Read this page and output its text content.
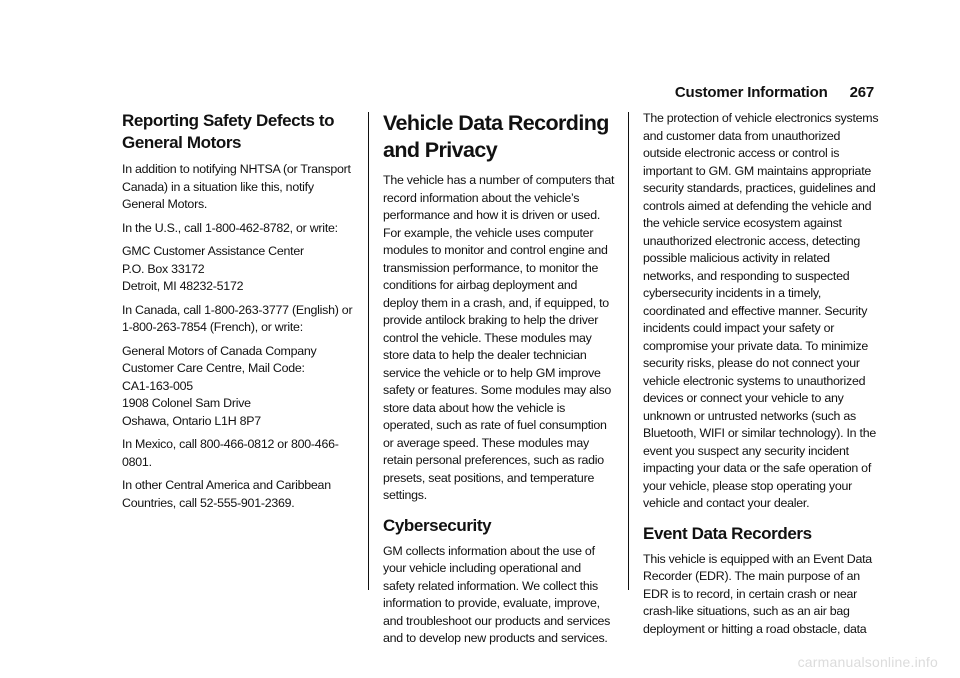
Customer Information 267
Reporting Safety Defects to General Motors

In addition to notifying NHTSA (or Transport Canada) in a situation like this, notify General Motors.

In the U.S., call 1-800-462-8782, or write:

GMC Customer Assistance Center
P.O. Box 33172
Detroit, MI 48232-5172

In Canada, call 1-800-263-3777 (English) or 1-800-263-7854 (French), or write:

General Motors of Canada Company
Customer Care Centre, Mail Code:
CA1-163-005
1908 Colonel Sam Drive
Oshawa, Ontario L1H 8P7

In Mexico, call 800-466-0812 or 800-466-0801.

In other Central America and Caribbean Countries, call 52-555-901-2369.

Vehicle Data Recording and Privacy

The vehicle has a number of computers that record information about the vehicle’s performance and how it is driven or used. For example, the vehicle uses computer modules to monitor and control engine and transmission performance, to monitor the conditions for airbag deployment and deploy them in a crash, and, if equipped, to provide antilock braking to help the driver control the vehicle. These modules may store data to help the dealer technician service the vehicle or to help GM improve safety or features. Some modules may also store data about how the vehicle is operated, such as rate of fuel consumption or average speed. These modules may retain personal preferences, such as radio presets, seat positions, and temperature settings.

Cybersecurity

GM collects information about the use of your vehicle including operational and safety related information. We collect this information to provide, evaluate, improve, and troubleshoot our products and services and to develop new products and services.

The protection of vehicle electronics systems and customer data from unauthorized outside electronic access or control is important to GM. GM maintains appropriate security standards, practices, guidelines and controls aimed at defending the vehicle and the vehicle service ecosystem against unauthorized electronic access, detecting possible malicious activity in related networks, and responding to suspected cybersecurity incidents in a timely, coordinated and effective manner. Security incidents could impact your safety or compromise your private data. To minimize security risks, please do not connect your vehicle electronic systems to unauthorized devices or connect your vehicle to any unknown or untrusted networks (such as Bluetooth, WIFI or similar technology). In the event you suspect any security incident impacting your data or the safe operation of your vehicle, please stop operating your vehicle and contact your dealer.

Event Data Recorders

This vehicle is equipped with an Event Data Recorder (EDR). The main purpose of an EDR is to record, in certain crash or near crash-like situations, such as an air bag deployment or hitting a road obstacle, data

carmanualsonline.info
